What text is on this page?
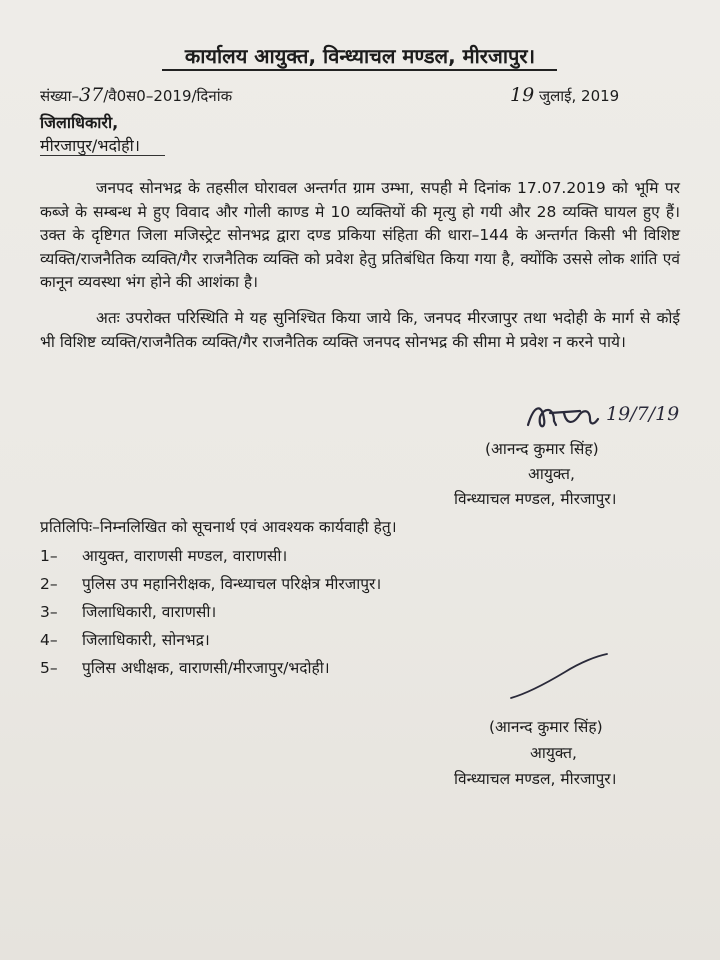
कार्यालय आयुक्त, विन्ध्याचल मण्डल, मीरजापुर।
संख्या–37/वै0स0–2019/दिनांक	19 जुलाई, 2019
जिलाधिकारी,
मीरजापुर/भदोही।
जनपद सोनभद्र के तहसील घोरावल अन्तर्गत ग्राम उम्भा, सपही मे दिनांक 17.07.2019 को भूमि पर कब्जे के सम्बन्ध मे हुए विवाद और गोली काण्ड मे 10 व्यक्तियों की मृत्यु हो गयी और 28 व्यक्ति घायल हुए हैं। उक्त के दृष्टिगत जिला मजिस्ट्रेट सोनभद्र द्वारा दण्ड प्रकिया संहिता की धारा–144 के अन्तर्गत किसी भी विशिष्ट व्यक्ति/राजनैतिक व्यक्ति/गैर राजनैतिक व्यक्ति को प्रवेश हेतु प्रतिबंधित किया गया है, क्योंकि उससे लोक शांति एवं कानून व्यवस्था भंग होने की आशंका है।
अतः उपरोक्त परिस्थिति मे यह सुनिश्चित किया जाये कि, जनपद मीरजापुर तथा भदोही के मार्ग से कोई भी विशिष्ट व्यक्ति/राजनैतिक व्यक्ति/गैर राजनैतिक व्यक्ति जनपद सोनभद्र की सीमा मे प्रवेश न करने पाये।
19/7/19
(आनन्द कुमार सिंह)
आयुक्त,
विन्ध्याचल मण्डल, मीरजापुर।
प्रतिलिपिः–निम्नलिखित को सूचनार्थ एवं आवश्यक कार्यवाही हेतु।
1– आयुक्त, वाराणसी मण्डल, वाराणसी।
2– पुलिस उप महानिरीक्षक, विन्ध्याचल परिक्षेत्र मीरजापुर।
3– जिलाधिकारी, वाराणसी।
4– जिलाधिकारी, सोनभद्र।
5– पुलिस अधीक्षक, वाराणसी/मीरजापुर/भदोही।
(आनन्द कुमार सिंह)
आयुक्त,
विन्ध्याचल मण्डल, मीरजापुर।
